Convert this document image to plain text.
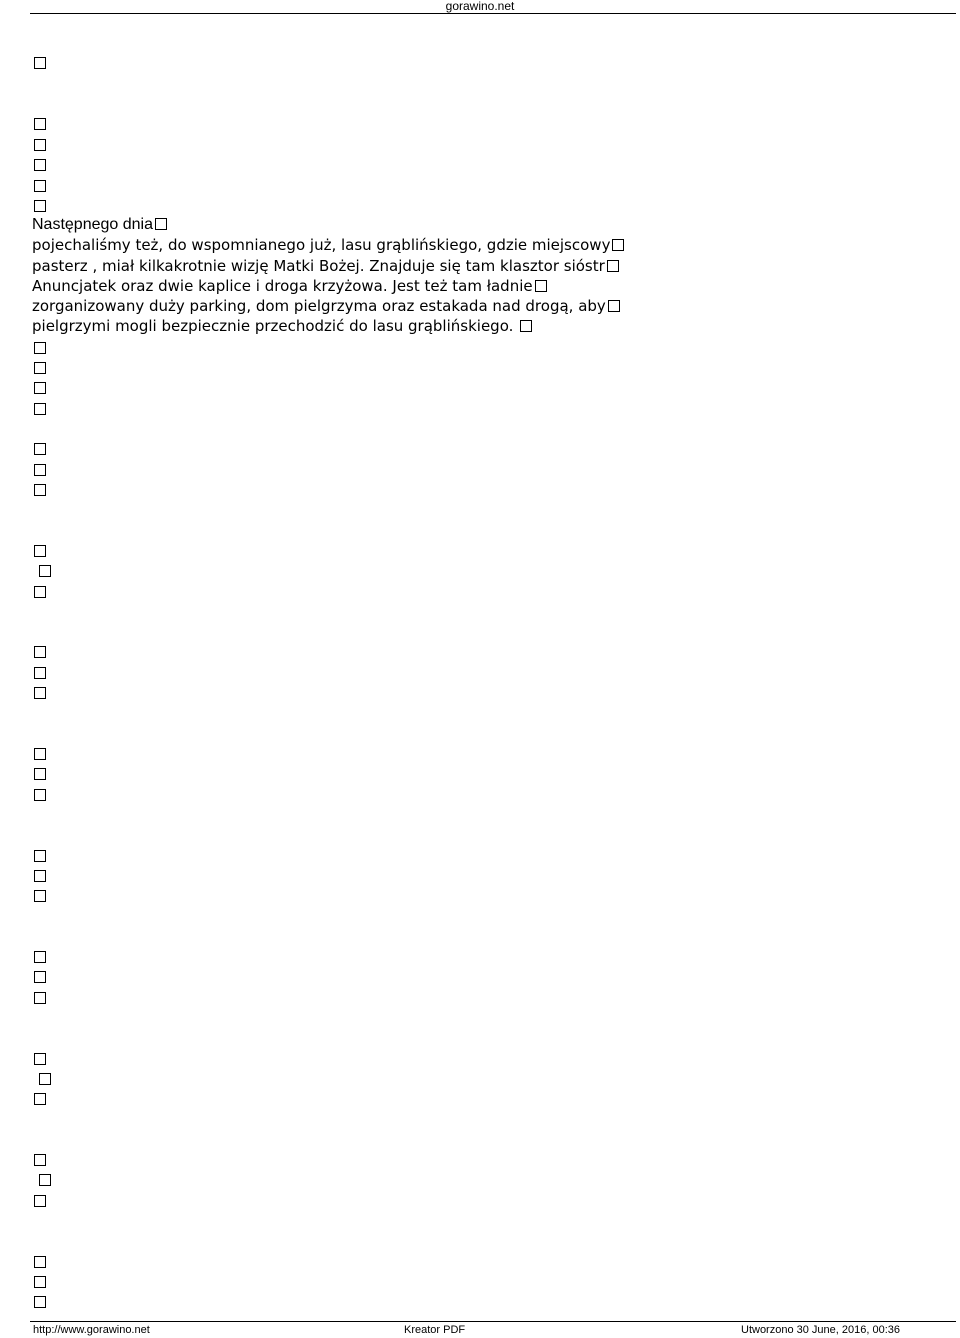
gorawino.net
Następnego dnia
pojechaliśmy też, do wspomnianego już, lasu grąblińskiego, gdzie miejscowy
pasterz , miał kilkakrotnie wizję Matki Bożej. Znajduje się tam klasztor sióstr
Anuncjatek oraz dwie kaplice i droga krzyżowa. Jest też tam ładnie
zorganizowany duży parking, dom pielgrzyma oraz estakada nad drogą, aby
pielgrzymi mogli bezpiecznie przechodzić do lasu grąblińskiego.
http://www.gorawino.net	Kreator PDF	Utworzono 30 June, 2016, 00:36
